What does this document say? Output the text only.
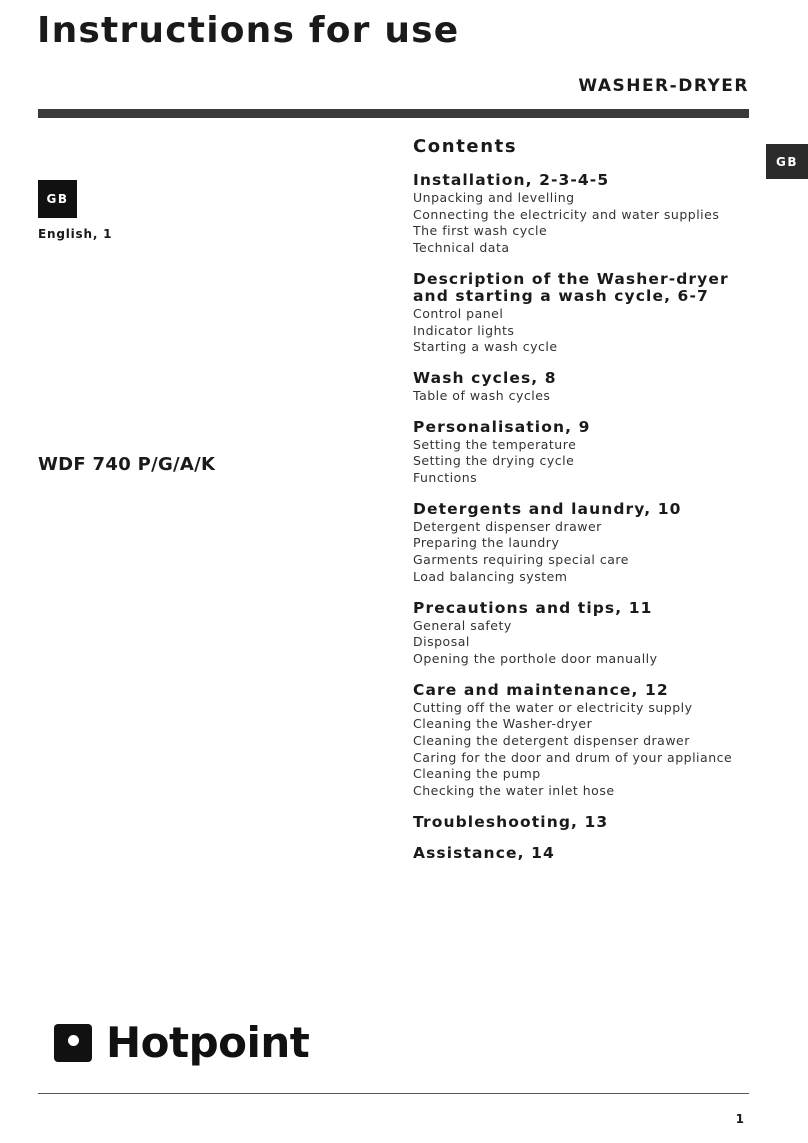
Instructions for use
WASHER-DRYER
GB
GB
English, 1
WDF 740 P/G/A/K
Contents
Installation, 2-3-4-5
Unpacking and levelling
Connecting the electricity and water supplies
The first wash cycle
Technical data
Description of the Washer-dryer and starting a wash cycle, 6-7
Control panel
Indicator lights
Starting a wash cycle
Wash cycles, 8
Table of wash cycles
Personalisation, 9
Setting the temperature
Setting the drying cycle
Functions
Detergents and laundry, 10
Detergent dispenser drawer
Preparing the laundry
Garments requiring special care
Load balancing system
Precautions and tips, 11
General safety
Disposal
Opening the porthole door manually
Care and maintenance, 12
Cutting off the water or electricity supply
Cleaning the Washer-dryer
Cleaning the detergent dispenser drawer
Caring for the door and drum of your appliance
Cleaning the pump
Checking the water inlet hose
Troubleshooting, 13
Assistance, 14
Hotpoint
1
